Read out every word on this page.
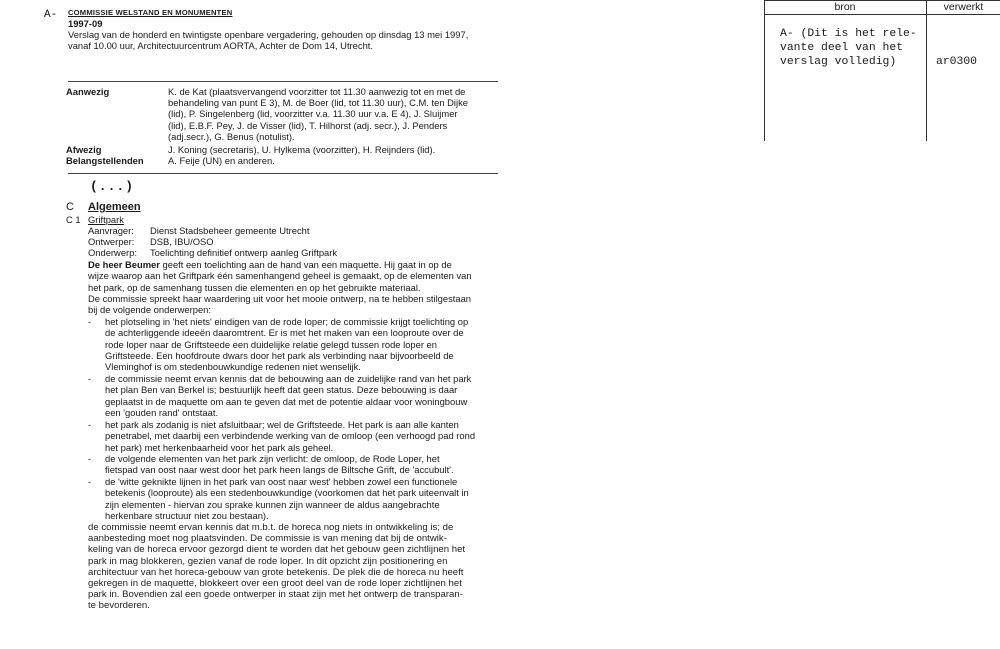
A- COMMISSIE WELSTAND EN MONUMENTEN
1997-09
Verslag van de honderd en twintigste openbare vergadering, gehouden op dinsdag 13 mei 1997,
vanaf 10.00 uur, Architectuurcentrum AORTA, Achter de Dom 14, Utrecht.
Aanwezig	K. de Kat (plaatsvervangend voorzitter tot 11.30 aanwezig tot en met de
behandeling van punt E 3), M. de Boer (lid, tot 11.30 uur), C.M. ten Dijke
(lid), P. Singelenberg (lid, voorzitter v.a. 11.30 uur v.a. E 4), J. Sluijmer
(lid), E.B.F. Pey, J. de Visser (lid), T. Hilhorst (adj. secr.), J. Penders
(adj.secr.), G. Benus (notulist).
Afwezig	J. Koning (secretaris), U. Hylkema (voorzitter), H. Reijnders (lid).
Belangstellenden	A. Feije (UN) en anderen.
(...)
C Algemeen
C 1 Griftpark
Aanvrager: Dienst Stadsbeheer gemeente Utrecht
Ontwerper: DSB, IBU/OSO
Onderwerp: Toelichting definitief ontwerp aanleg Griftpark
De heer Beumer geeft een toelichting aan de hand van een maquette. Hij gaat in op de
wijze waarop aan het Griftpark één samenhangend geheel is gemaakt, op de elementen van
het park, op de samenhang tussen die elementen en op het gebruikte materiaal.
De commissie spreekt haar waardering uit voor het mooie ontwerp, na te hebben stilgestaan
bij de volgende onderwerpen:
- het plotseling in 'het niets' eindigen van de rode loper; de commissie krijgt toelichting op
de achterliggende ideeën daaromtrent. Er is met het maken van een looproute over de
rode loper naar de Griftsteede een duidelijke relatie gelegd tussen rode loper en
Griftsteede. Een hoofdroute dwars door het park als verbinding naar bijvoorbeeld de
Vleminghof is om stedenbouwkundige redenen niet wenselijk.
- de commissie neemt ervan kennis dat de bebouwing aan de zuidelijke rand van het park
het plan Ben van Berkel is; bestuurlijk heeft dat geen status. Deze bebouwing is daar
geplaatst in de maquette om aan te geven dat met de potentie aldaar voor woningbouw
een 'gouden rand' ontstaat.
- het park als zodanig is niet afsluitbaar; wel de Griftsteede. Het park is aan alle kanten
penetrabel, met daarbij een verbindende werking van de omloop (een verhoogd pad rond
het park) met herkenbaarheid voor het park als geheel.
- de volgende elementen van het park zijn verlicht: de omloop, de Rode Loper, het
fietspad van oost naar west door het park heen langs de Biltsche Grift, de 'accubult'.
- de 'witte geknikte lijnen in het park van oost naar west' hebben zowel een functionele
betekenis (looproute) als een stedenbouwkundige (voorkomen dat het park uiteenvalt in
zijn elementen - hiervan zou sprake kunnen zijn wanneer de aldus aangebrachte
herkenbare structuur niet zou bestaan).
de commissie neemt ervan kennis dat m.b.t. de horeca nog niets in ontwikkeling is; de
aanbesteding moet nog plaatsvinden. De commissie is van mening dat bij de ontwik-
keling van de horeca ervoor gezorgd dient te worden dat het gebouw geen zichtlijnen het
park in mag blokkeren, gezien vanaf de rode loper. In dit opzicht zijn positionering en
architectuur van het horeca-gebouw van grote betekenis. De plek die de horeca nu heeft
gekregen in de maquette, blokkeert over een groot deel van de rode loper zichtlijnen het
park in. Bovendien zal een goede ontwerper in staat zijn met het ontwerp de transparan-
te bevorderen.
bron	verwerkt
A- (Dit is het rele-
vante deel van het
verslag volledig)	ar0300
